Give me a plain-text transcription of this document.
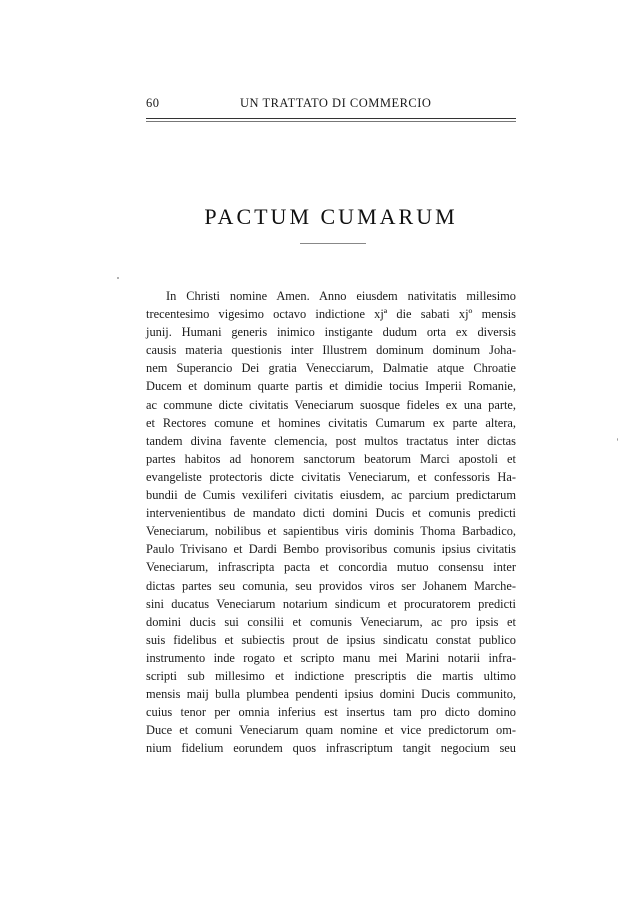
60	UN TRATTATO DI COMMERCIO
PACTUM CUMARUM
In Christi nomine Amen. Anno eiusdem nativitatis millesimo
trecentesimo vigesimo octavo indictione xjª die sabati xjº mensis
junij. Humani generis inimico instigante dudum orta ex diversis
causis materia questionis inter Illustrem dominum dominum Joha-
nem Superancio Dei gratia Venecciarum, Dalmatie atque Chroatie
Ducem et dominum quarte partis et dimidie tocius Imperii Romanie,
ac commune dicte civitatis Veneciarum suosque fideles ex una parte,
et Rectores comune et homines civitatis Cumarum ex parte altera,
tandem divina favente clemencia, post multos tractatus inter dictas
partes habitos ad honorem sanctorum beatorum Marci apostoli et
evangeliste protectoris dicte civitatis Veneciarum, et confessoris Ha-
bundii de Cumis vexiliferi civitatis eiusdem, ac parcium predictarum
intervenientibus de mandato dicti domini Ducis et comunis predicti
Veneciarum, nobilibus et sapientibus viris dominis Thoma Barbadico,
Paulo Trivisano et Dardi Bembo provisoribus comunis ipsius civitatis
Veneciarum, infrascripta pacta et concordia mutuo consensu inter
dictas partes seu comunia, seu providos viros ser Johanem Marche-
sini ducatus Veneciarum notarium sindicum et procuratorem predicti
domini ducis sui consilii et comunis Veneciarum, ac pro ipsis et
suis fidelibus et subiectis prout de ipsius sindicatu constat publico
instrumento inde rogato et scripto manu mei Marini notarii infra-
scripti sub millesimo et indictione prescriptis die martis ultimo
mensis maij bulla plumbea pendenti ipsius domini Ducis communito,
cuius tenor per omnia inferius est insertus tam pro dicto domino
Duce et comuni Veneciarum quam nomine et vice predictorum om-
nium fidelium eorundem quos infrascriptum tangit negocium seu
